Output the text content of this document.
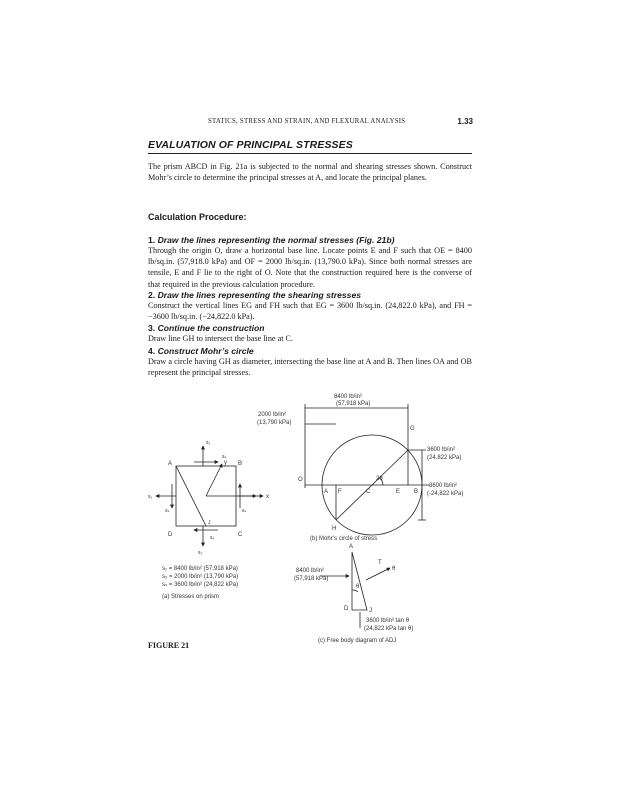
STATICS, STRESS AND STRAIN, AND FLEXURAL ANALYSIS	1.33
EVALUATION OF PRINCIPAL STRESSES
The prism ABCD in Fig. 21a is subjected to the normal and shearing stresses shown. Construct Mohr’s circle to determine the principal stresses at A, and locate the principal planes.
Calculation Procedure:
1. Draw the lines representing the normal stresses (Fig. 21b)
Through the origin O, draw a horizontal base line. Locate points E and F such that OE = 8400 lb/sq.in. (57,918.0 kPa) and OF = 2000 lb/sq.in. (13,790.0 kPa). Since both normal stresses are tensile, E and F lie to the right of O. Note that the construction required here is the converse of that required in the previous calculation procedure.
2. Draw the lines representing the shearing stresses
Construct the vertical lines EG and FH such that EG = 3600 lb/sq.in. (24,822.0 kPa), and FH = −3600 lb/sq.in. (−24,822.0 kPa).
3. Continue the construction
Draw line GH to intersect the base line at C.
4. Construct Mohr’s circle
Draw a circle having GH as diameter, intersecting the base line at A and B. Then lines OA and OB represent the principal stresses.
A	B
C
D
y
x
s₂
s₂
s₁
sₛ
sₛ
sₛ
sₛ
J
s₁ = 8400 lb/in² (57,918 kPa)
s₂ = 2000 lb/in² (13,790 kPa)
sₛ = 3600 lb/in² (24,822 kPa)
(a) Stresses on prism
8400 lb/in²
(57,918 kPa)
2000 lb/in²
(13,790 kPa)
3600 lb/in²
(24,822 kPa)
-3600 lb/in²
(-24,822 kPa)
O
A F	C	E B
G
H
2θ
(b) Mohr’s circle of stress
A
D	J
T
θ
θ
8400 lb/in²
(57,918 kPa)
3600 lb/in² tan θ
(24,822 kPa tan θ)
(c) Free body diagram of ADJ
FIGURE 21
